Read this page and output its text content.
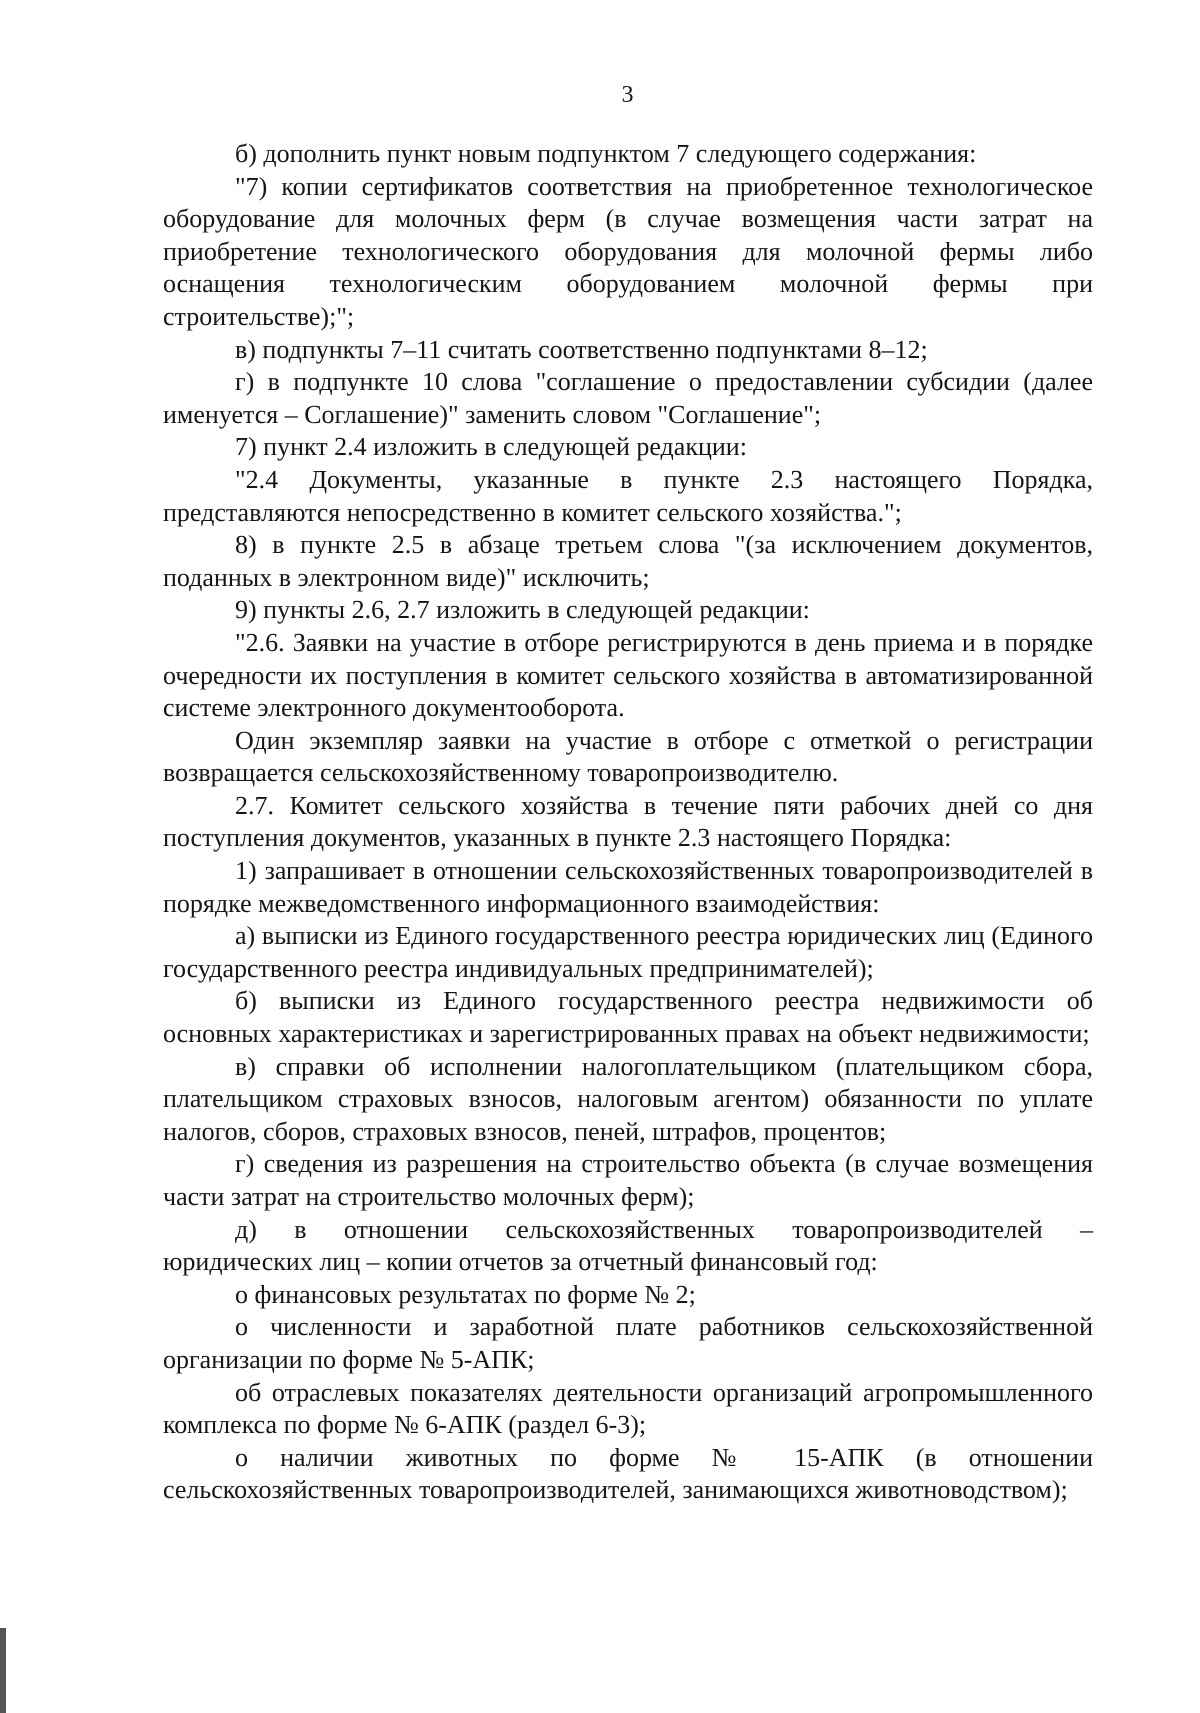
3

б) дополнить пункт новым подпунктом 7 следующего содержания:

"7) копии сертификатов соответствия на приобретенное технологическое оборудование для молочных ферм (в случае возмещения части затрат на приобретение технологического оборудования для молочной фермы либо оснащения технологическим оборудованием молочной фермы при строительстве);";

в) подпункты 7–11 считать соответственно подпунктами 8–12;

г) в подпункте 10 слова "соглашение о предоставлении субсидии (далее именуется – Соглашение)" заменить словом "Соглашение";

7) пункт 2.4 изложить в следующей редакции:

"2.4 Документы, указанные в пункте 2.3 настоящего Порядка, представляются непосредственно в комитет сельского хозяйства.";

8) в пункте 2.5 в абзаце третьем слова "(за исключением документов, поданных в электронном виде)" исключить;

9) пункты 2.6, 2.7 изложить в следующей редакции:

"2.6. Заявки на участие в отборе регистрируются в день приема и в порядке очередности их поступления в комитет сельского хозяйства в автоматизированной системе электронного документооборота.

Один экземпляр заявки на участие в отборе с отметкой о регистрации возвращается сельскохозяйственному товаропроизводителю.

2.7. Комитет сельского хозяйства в течение пяти рабочих дней со дня поступления документов, указанных в пункте 2.3 настоящего Порядка:

1) запрашивает в отношении сельскохозяйственных товаропроизводителей в порядке межведомственного информационного взаимодействия:

а) выписки из Единого государственного реестра юридических лиц (Единого государственного реестра индивидуальных предпринимателей);

б) выписки из Единого государственного реестра недвижимости об основных характеристиках и зарегистрированных правах на объект недвижимости;

в) справки об исполнении налогоплательщиком (плательщиком сбора, плательщиком страховых взносов, налоговым агентом) обязанности по уплате налогов, сборов, страховых взносов, пеней, штрафов, процентов;

г) сведения из разрешения на строительство объекта (в случае возмещения части затрат на строительство молочных ферм);

д) в отношении сельскохозяйственных товаропроизводителей – юридических лиц – копии отчетов за отчетный финансовый год:

о финансовых результатах по форме № 2;

о численности и заработной плате работников сельскохозяйственной организации по форме № 5-АПК;

об отраслевых показателях деятельности организаций агропромышленного комплекса по форме № 6-АПК (раздел 6-3);

о наличии животных по форме № 15-АПК (в отношении сельскохозяйственных товаропроизводителей, занимающихся животноводством);
